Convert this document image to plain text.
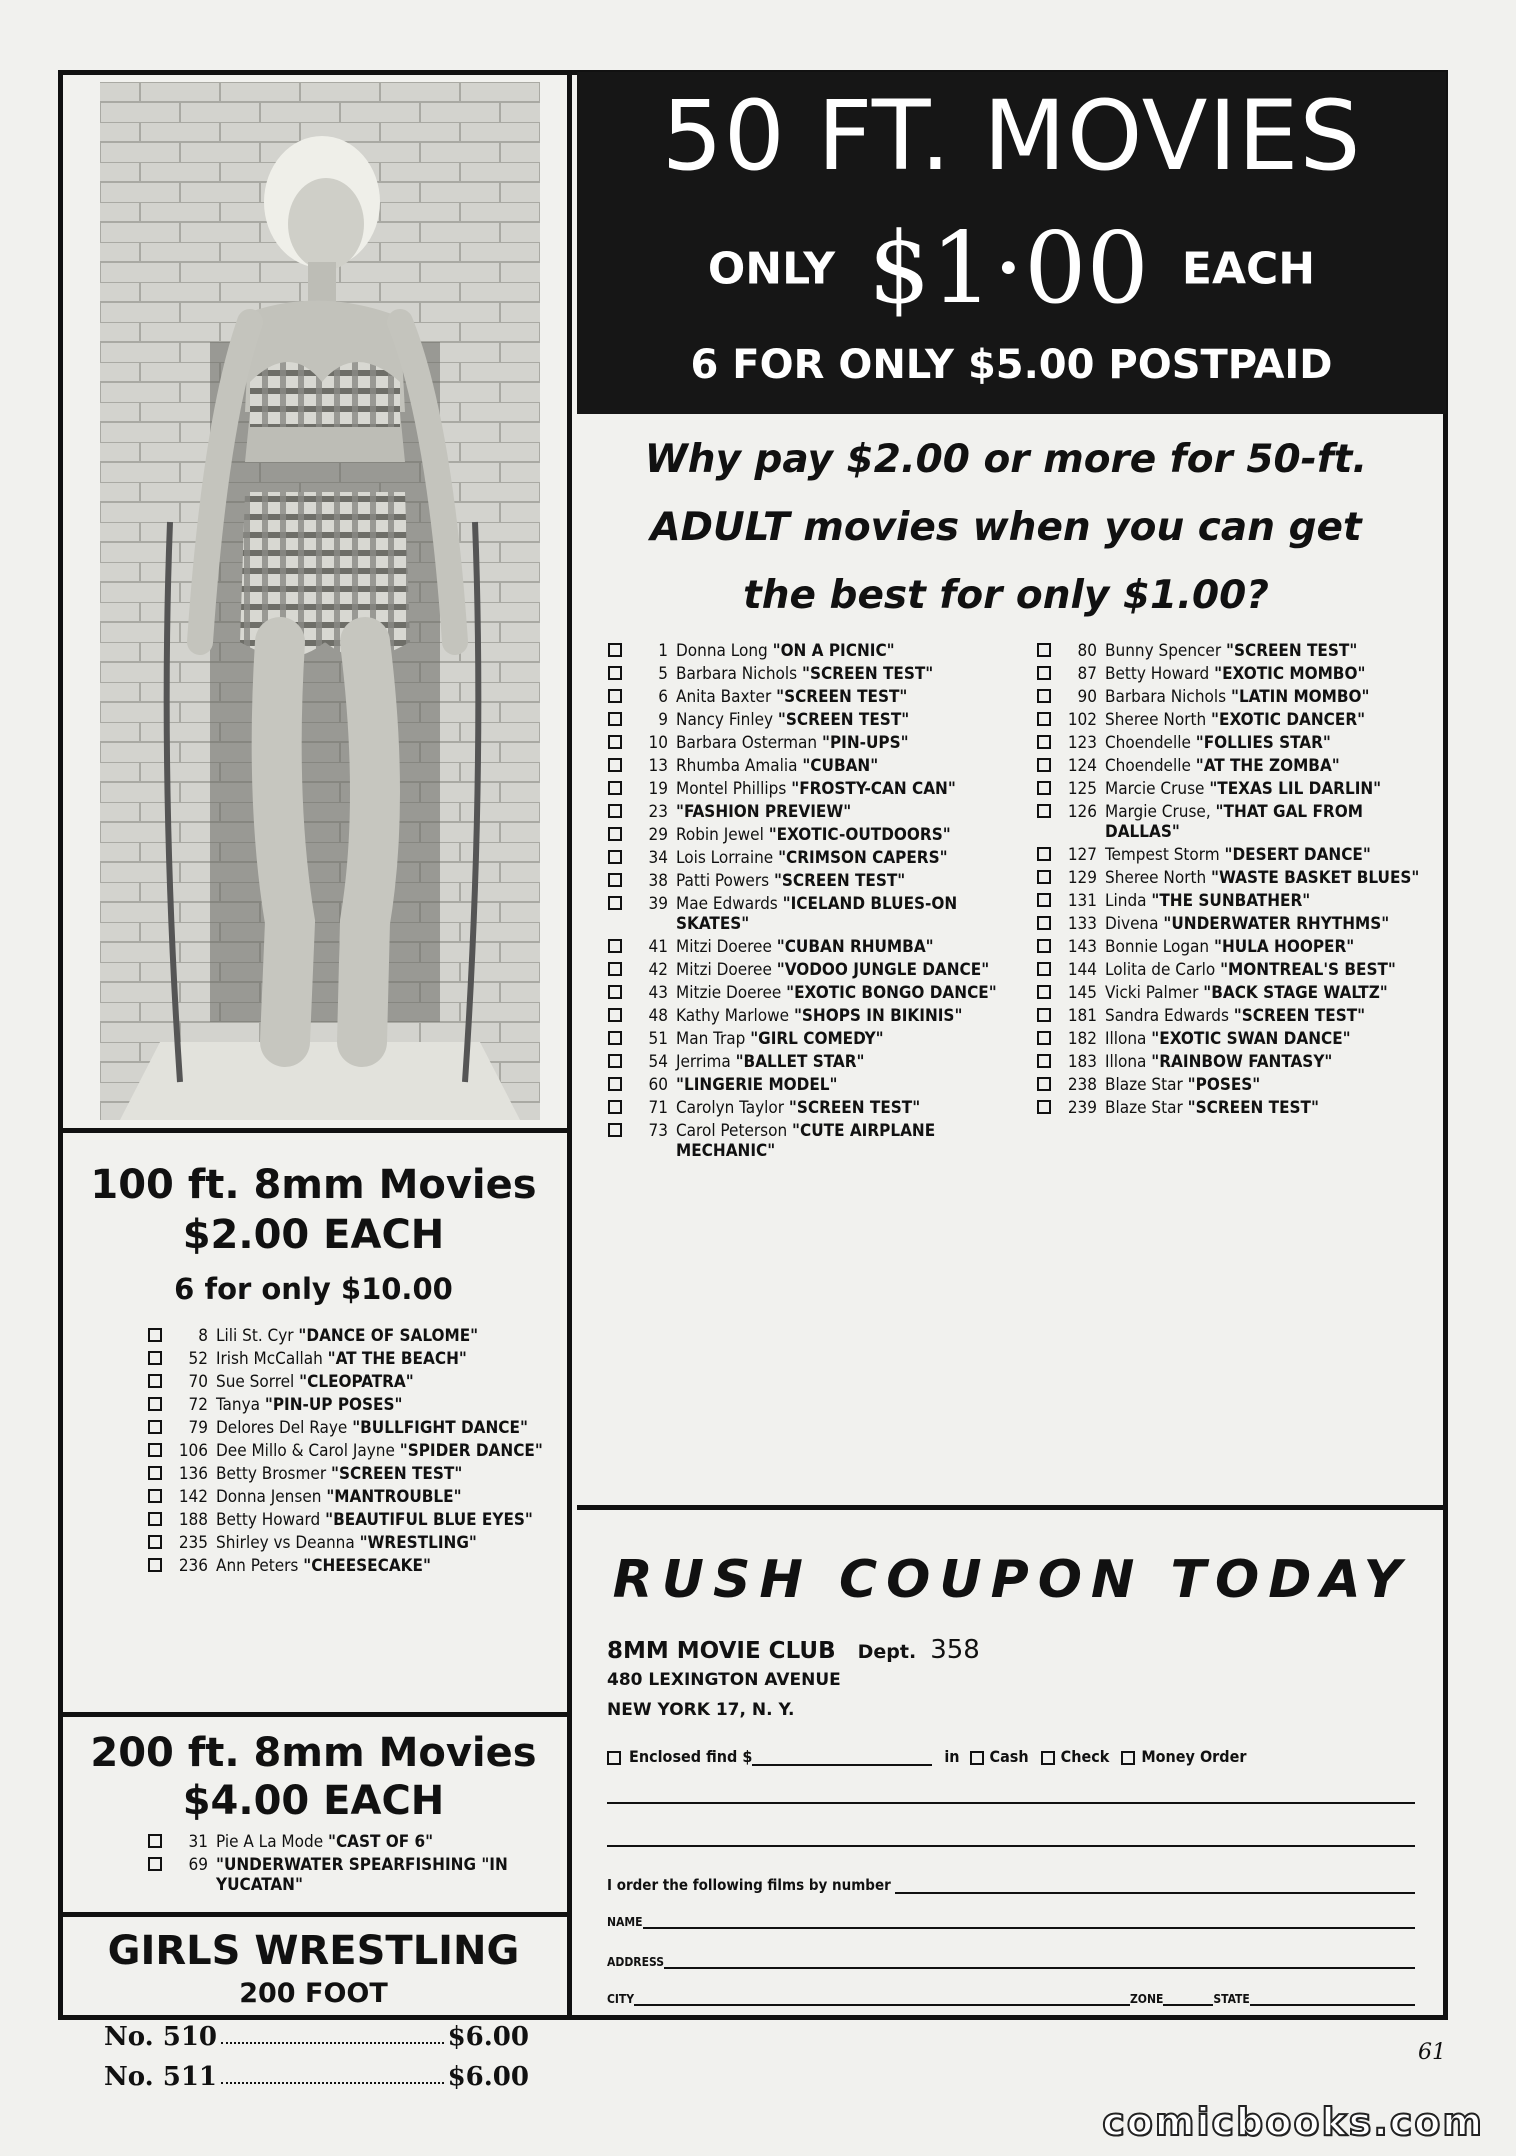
100 ft. 8mm Movies
$2.00 EACH
6 for only $10.00
8 Lili St. Cyr "DANCE OF SALOME"
52 Irish McCallah "AT THE BEACH"
70 Sue Sorrel "CLEOPATRA"
72 Tanya "PIN-UP POSES"
79 Delores Del Raye "BULLFIGHT DANCE"
106 Dee Millo & Carol Jayne "SPIDER DANCE"
136 Betty Brosmer "SCREEN TEST"
142 Donna Jensen "MANTROUBLE"
188 Betty Howard "BEAUTIFUL BLUE EYES"
235 Shirley vs Deanna "WRESTLING"
236 Ann Peters "CHEESECAKE"
200 ft. 8mm Movies
$4.00 EACH
31 Pie A La Mode "CAST OF 6"
69 "UNDERWATER SPEARFISHING "IN YUCATAN"
GIRLS WRESTLING
200 FOOT
No. 510	$6.00
No. 511	$6.00
50 FT. MOVIES
ONLY $1·00 EACH
6 FOR ONLY $5.00 POSTPAID
Why pay $2.00 or more for 50-ft.
ADULT movies when you can get
the best for only $1.00?
1 Donna Long "ON A PICNIC"
5 Barbara Nichols "SCREEN TEST"
6 Anita Baxter "SCREEN TEST"
9 Nancy Finley "SCREEN TEST"
10 Barbara Osterman "PIN-UPS"
13 Rhumba Amalia "CUBAN"
19 Montel Phillips "FROSTY-CAN CAN"
23 "FASHION PREVIEW"
29 Robin Jewel "EXOTIC-OUTDOORS"
34 Lois Lorraine "CRIMSON CAPERS"
38 Patti Powers "SCREEN TEST"
39 Mae Edwards "ICELAND BLUES-ON SKATES"
41 Mitzi Doeree "CUBAN RHUMBA"
42 Mitzi Doeree "VODOO JUNGLE DANCE"
43 Mitzie Doeree "EXOTIC BONGO DANCE"
48 Kathy Marlowe "SHOPS IN BIKINIS"
51 Man Trap "GIRL COMEDY"
54 Jerrima "BALLET STAR"
60 "LINGERIE MODEL"
71 Carolyn Taylor "SCREEN TEST"
73 Carol Peterson "CUTE AIRPLANE MECHANIC"
80 Bunny Spencer "SCREEN TEST"
87 Betty Howard "EXOTIC MOMBO"
90 Barbara Nichols "LATIN MOMBO"
102 Sheree North "EXOTIC DANCER"
123 Choendelle "FOLLIES STAR"
124 Choendelle "AT THE ZOMBA"
125 Marcie Cruse "TEXAS LIL DARLIN"
126 Margie Cruse, "THAT GAL FROM DALLAS"
127 Tempest Storm "DESERT DANCE"
129 Sheree North "WASTE BASKET BLUES"
131 Linda "THE SUNBATHER"
133 Divena "UNDERWATER RHYTHMS"
143 Bonnie Logan "HULA HOOPER"
144 Lolita de Carlo "MONTREAL'S BEST"
145 Vicki Palmer "BACK STAGE WALTZ"
181 Sandra Edwards "SCREEN TEST"
182 Illona "EXOTIC SWAN DANCE"
183 Illona "RAINBOW FANTASY"
238 Blaze Star "POSES"
239 Blaze Star "SCREEN TEST"
RUSH COUPON TODAY
8MM MOVIE CLUB Dept. 358
480 LEXINGTON AVENUE
NEW YORK 17, N. Y.
Enclosed find $	in Cash Check Money Order
I order the following films by number
NAME
ADDRESS
CITY	ZONE	STATE
61
comicbooks.com
